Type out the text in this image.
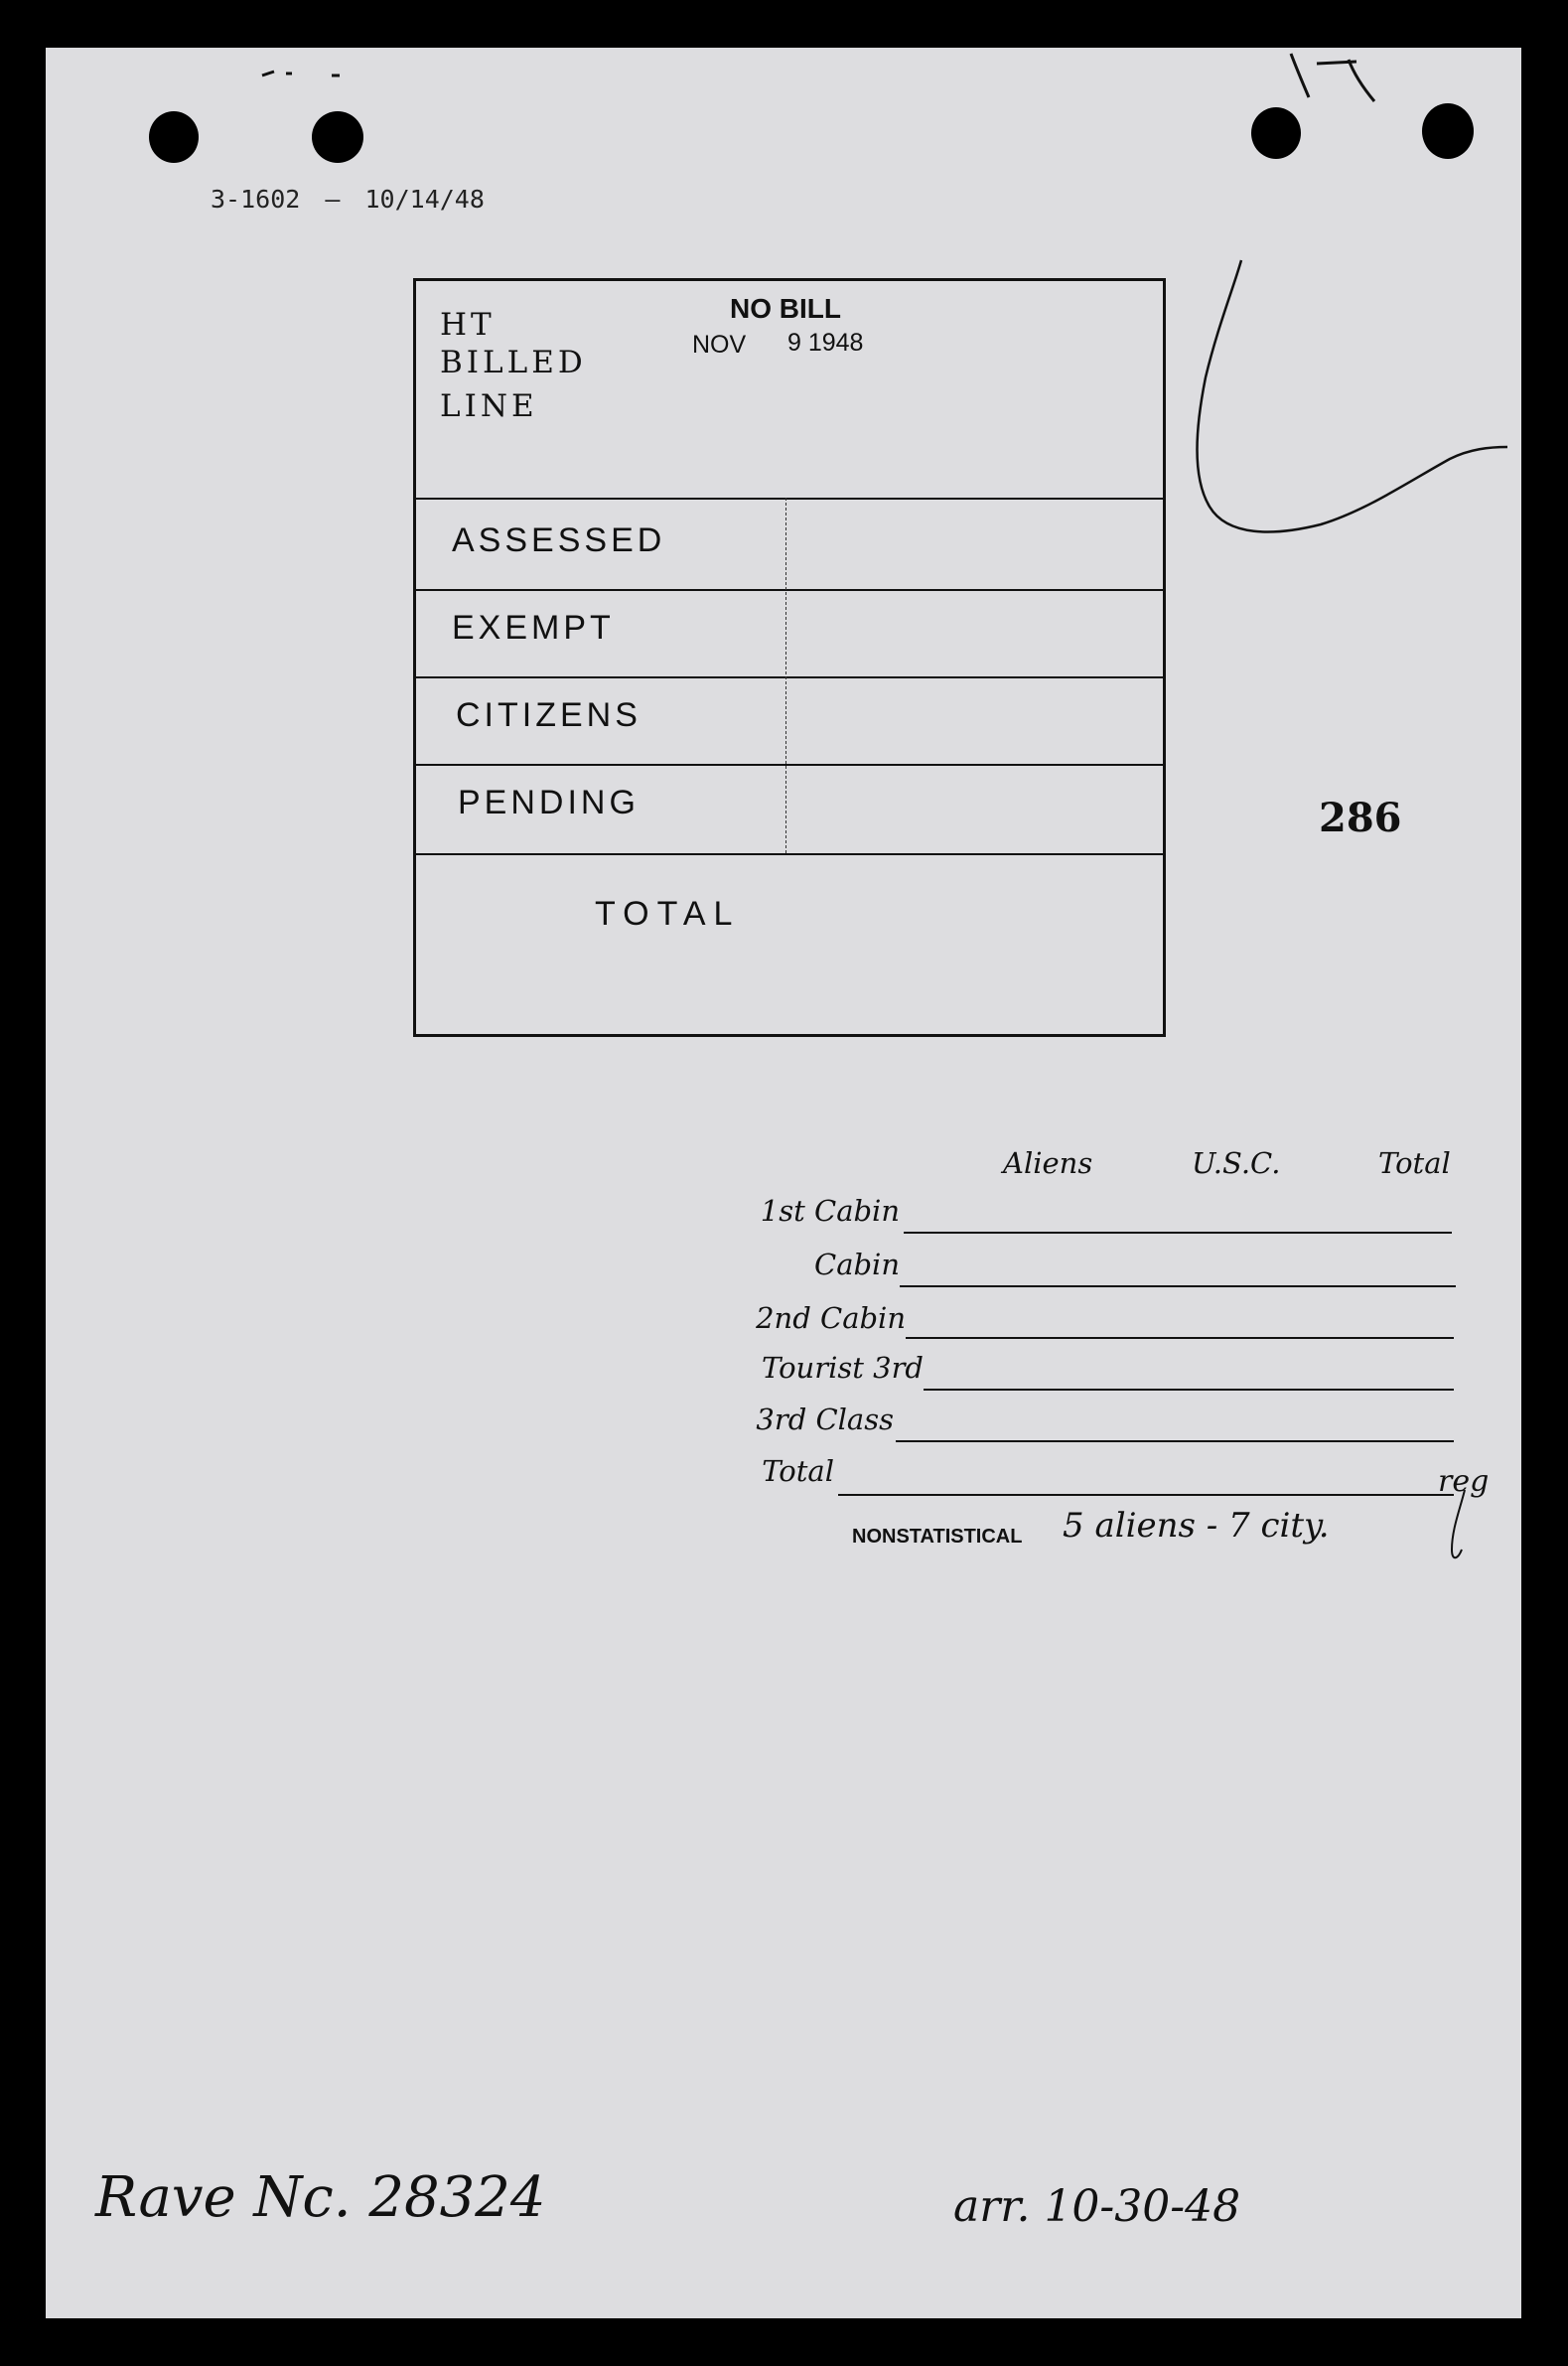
3-1602 — 10/14/48
HT
BILLED
LINE
NO BILL
NOV 9 1948
ASSESSED
EXEMPT
CITIZENS
PENDING
TOTAL
286
Aliens	U.S.C.	Total
1st Cabin
Cabin
2nd Cabin
Tourist 3rd
3rd Class
Total
NONSTATISTICAL 5 aliens - 7 city.
reg
Rave Nc. 28324	arr. 10-30-48
